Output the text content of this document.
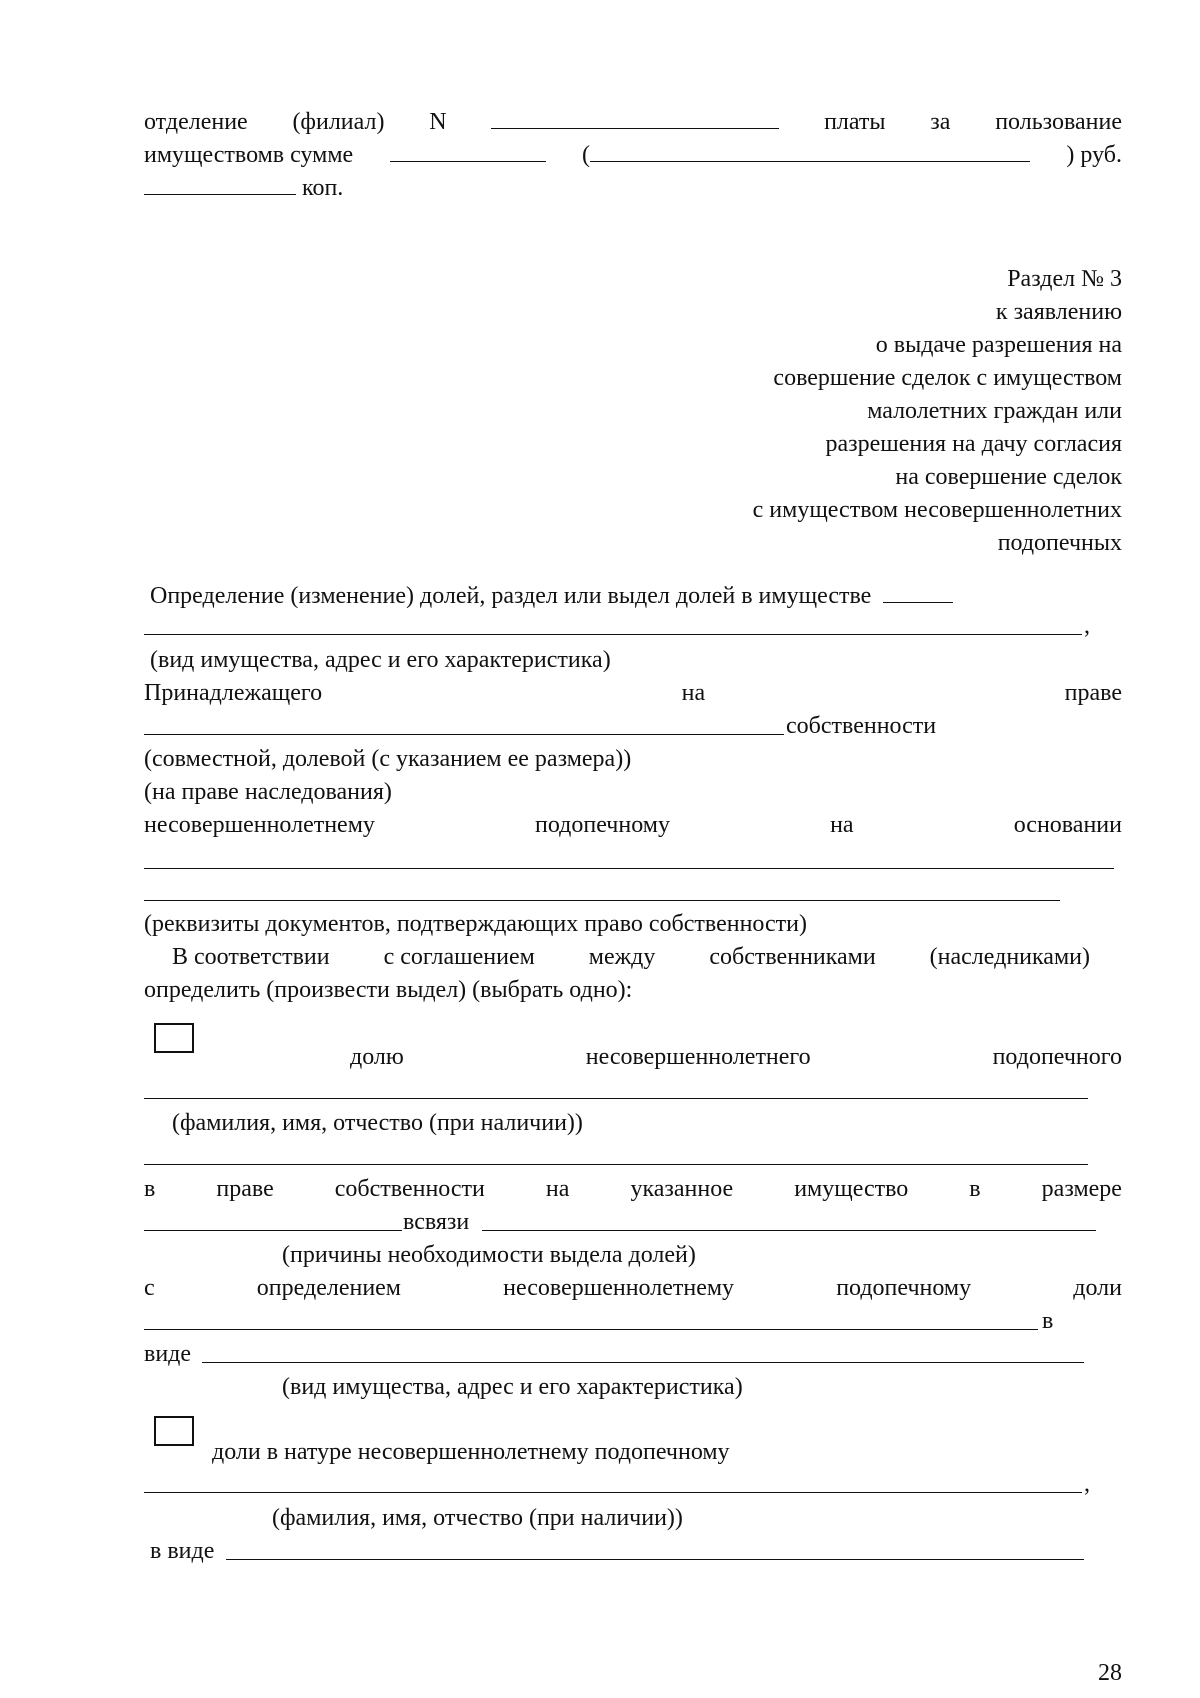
отделение (филиал) N	платы за пользование
имуществомв сумме	(	) руб.
коп.
Раздел № 3
к заявлению
о выдаче разрешения на
совершение сделок с имуществом
малолетних граждан или
разрешения на дачу согласия
на совершение сделок
с имуществом несовершеннолетних
подопечных
Определение (изменение) долей, раздел или выдел долей в имуществе
,
(вид имущества, адрес и его характеристика)
Принадлежащего	на	праве
собственности
(совместной, долевой (с указанием ее размера))
(на праве наследования)
несовершеннолетнему	подопечному	на	основании
(реквизиты документов, подтверждающих право собственности)
В соответствии с соглашением между собственниками (наследниками)
определить (произвести выдел) (выбрать одно):
долю	несовершеннолетнего	подопечного
(фамилия, имя, отчество (при наличии))
в	праве	собственности	на	указанное	имущество	в	размере
всвязи
(причины необходимости выдела долей)
с	определением	несовершеннолетнему	подопечному	доли
в
виде
(вид имущества, адрес и его характеристика)
доли в натуре несовершеннолетнему подопечному
,
(фамилия, имя, отчество (при наличии))
в виде
28
